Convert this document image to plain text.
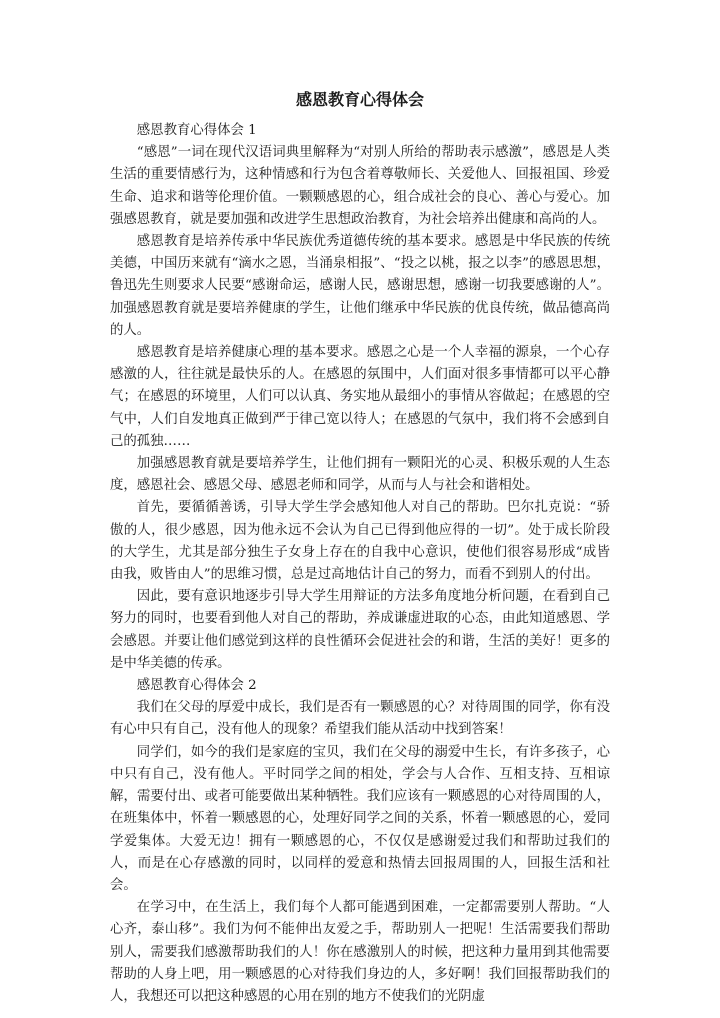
感恩教育心得体会

感恩教育心得体会 1

“感恩”一词在现代汉语词典里解释为“对别人所给的帮助表示感激”，感恩是人类生活的重要情感行为，这种情感和行为包含着尊敬师长、关爱他人、回报祖国、珍爱生命、追求和谐等伦理价值。一颗颗感恩的心，组合成社会的良心、善心与爱心。加强感恩教育，就是要加强和改进学生思想政治教育，为社会培养出健康和高尚的人。

感恩教育是培养传承中华民族优秀道德传统的基本要求。感恩是中华民族的传统美德，中国历来就有“滴水之恩，当涌泉相报”、“投之以桃，报之以李”的感恩思想，鲁迅先生则要求人民要“感谢命运，感谢人民，感谢思想，感谢一切我要感谢的人”。加强感恩教育就是要培养健康的学生，让他们继承中华民族的优良传统，做品德高尚的人。

感恩教育是培养健康心理的基本要求。感恩之心是一个人幸福的源泉，一个心存感激的人，往往就是最快乐的人。在感恩的氛围中，人们面对很多事情都可以平心静气；在感恩的环境里，人们可以认真、务实地从最细小的事情从容做起；在感恩的空气中，人们自发地真正做到严于律己宽以待人；在感恩的气氛中，我们将不会感到自己的孤独……

加强感恩教育就是要培养学生，让他们拥有一颗阳光的心灵、积极乐观的人生态度，感恩社会、感恩父母、感恩老师和同学，从而与人与社会和谐相处。

首先，要循循善诱，引导大学生学会感知他人对自己的帮助。巴尔扎克说：“骄傲的人，很少感恩，因为他永远不会认为自己已得到他应得的一切”。处于成长阶段的大学生，尤其是部分独生子女身上存在的自我中心意识，使他们很容易形成“成皆由我，败皆由人”的思维习惯，总是过高地估计自己的努力，而看不到别人的付出。

因此，要有意识地逐步引导大学生用辩证的方法多角度地分析问题，在看到自己努力的同时，也要看到他人对自己的帮助，养成谦虚进取的心态，由此知道感恩、学会感恩。并要让他们感觉到这样的良性循环会促进社会的和谐，生活的美好！更多的是中华美德的传承。

感恩教育心得体会 2

我们在父母的厚爱中成长，我们是否有一颗感恩的心？对待周围的同学，你有没有心中只有自己，没有他人的现象？希望我们能从活动中找到答案！

同学们，如今的我们是家庭的宝贝，我们在父母的溺爱中生长，有许多孩子，心中只有自己，没有他人。平时同学之间的相处，学会与人合作、互相支持、互相谅解，需要付出、或者可能要做出某种牺牲。我们应该有一颗感恩的心对待周围的人，在班集体中，怀着一颗感恩的心，处理好同学之间的关系，怀着一颗感恩的心，爱同学爱集体。大爱无边！拥有一颗感恩的心，不仅仅是感谢爱过我们和帮助过我们的人，而是在心存感激的同时，以同样的爱意和热情去回报周围的人，回报生活和社会。

在学习中，在生活上，我们每个人都可能遇到困难，一定都需要别人帮助。“人心齐，泰山移”。我们为何不能伸出友爱之手，帮助别人一把呢！生活需要我们帮助别人，需要我们感激帮助我们的人！你在感激别人的时候，把这种力量用到其他需要帮助的人身上吧，用一颗感恩的心对待我们身边的人，多好啊！我们回报帮助我们的人，我想还可以把这种感恩的心用在别的地方不使我们的光阴虚
